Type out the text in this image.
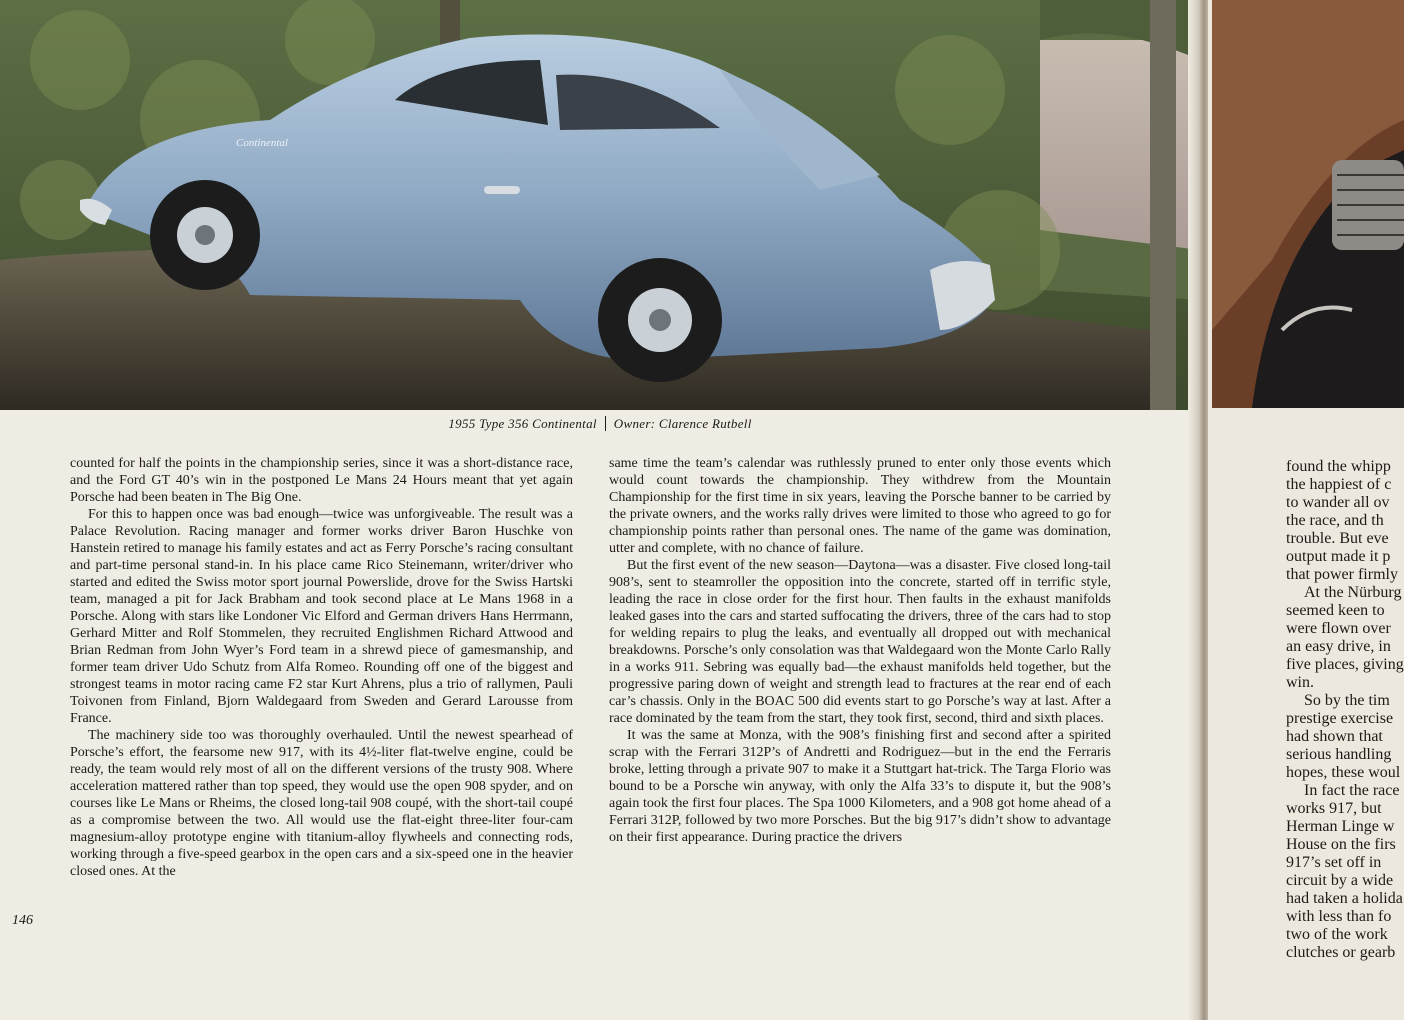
Continental
1955 Type 356 Continental Owner: Clarence Rutbell

counted for half the points in the championship series, since it was a short-distance race, and the Ford GT 40’s win in the postponed Le Mans 24 Hours meant that yet again Porsche had been beaten in The Big One.

For this to happen once was bad enough—twice was unforgiveable. The result was a Palace Revolution. Racing manager and former works driver Baron Huschke von Hanstein retired to manage his family estates and act as Ferry Porsche’s racing consultant and part-time personal stand-in. In his place came Rico Steinemann, writer/driver who started and edited the Swiss motor sport journal Powerslide, drove for the Swiss Hartski team, managed a pit for Jack Brabham and took second place at Le Mans 1968 in a Porsche. Along with stars like Londoner Vic Elford and German drivers Hans Herrmann, Gerhard Mitter and Rolf Stommelen, they recruited Englishmen Richard Attwood and Brian Redman from John Wyer’s Ford team in a shrewd piece of gamesmanship, and former team driver Udo Schutz from Alfa Romeo. Rounding off one of the biggest and strongest teams in motor racing came F2 star Kurt Ahrens, plus a trio of rallymen, Pauli Toivonen from Finland, Bjorn Waldegaard from Sweden and Gerard Larousse from France.

The machinery side too was thoroughly overhauled. Until the newest spearhead of Porsche’s effort, the fearsome new 917, with its 4½-liter flat-twelve engine, could be ready, the team would rely most of all on the different versions of the trusty 908. Where acceleration mattered rather than top speed, they would use the open 908 spyder, and on courses like Le Mans or Rheims, the closed long-tail 908 coupé, with the short-tail coupé as a compromise between the two. All would use the flat-eight three-liter four-cam magnesium-alloy prototype engine with titanium-alloy flywheels and connecting rods, working through a five-speed gearbox in the open cars and a six-speed one in the heavier closed ones. At the

same time the team’s calendar was ruthlessly pruned to enter only those events which would count towards the championship. They withdrew from the Mountain Championship for the first time in six years, leaving the Porsche banner to be carried by the private owners, and the works rally drives were limited to those who agreed to go for championship points rather than personal ones. The name of the game was domination, utter and complete, with no chance of failure.

But the first event of the new season—Daytona—was a disaster. Five closed long-tail 908’s, sent to steamroller the opposition into the concrete, started off in terrific style, leading the race in close order for the first hour. Then faults in the exhaust manifolds leaked gases into the cars and started suffocating the drivers, three of the cars had to stop for welding repairs to plug the leaks, and eventually all dropped out with mechanical breakdowns. Porsche’s only consolation was that Waldegaard won the Monte Carlo Rally in a works 911. Sebring was equally bad—the exhaust manifolds held together, but the progressive paring down of weight and strength lead to fractures at the rear end of each car’s chassis. Only in the BOAC 500 did events start to go Porsche’s way at last. After a race dominated by the team from the start, they took first, second, third and sixth places.

It was the same at Monza, with the 908’s finishing first and second after a spirited scrap with the Ferrari 312P’s of Andretti and Rodriguez—but in the end the Ferraris broke, letting through a private 907 to make it a Stuttgart hat-trick. The Targa Florio was bound to be a Porsche win anyway, with only the Alfa 33’s to dispute it, but the 908’s again took the first four places. The Spa 1000 Kilometers, and a 908 got home ahead of a Ferrari 312P, followed by two more Porsches. But the big 917’s didn’t show to advantage on their first appearance. During practice the drivers

146
found the whipp
the happiest of c
to wander all ov
the race, and th
trouble. But eve
output made it p
that power firmly
At the Nürburg
seemed keen to
were flown over
an easy drive, in
five places, giving
win.
So by the tim
prestige exercise
had shown that
serious handling
hopes, these woul
In fact the race
works 917, but
Herman Linge w
House on the firs
917’s set off in
circuit by a wide
had taken a holida
with less than fo
two of the work
clutches or gearb
